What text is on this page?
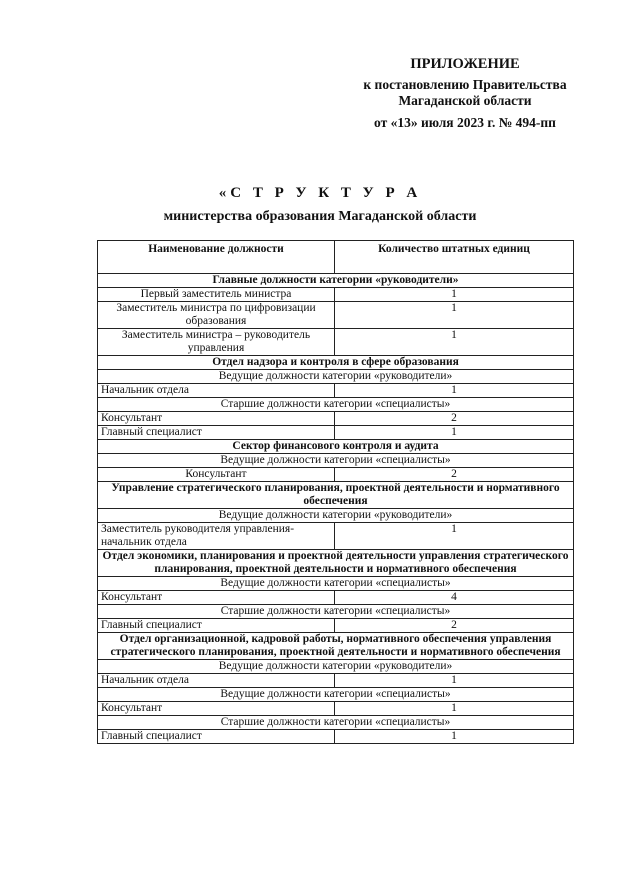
ПРИЛОЖЕНИЕ
к постановлению Правительства
Магаданской области
от «13» июля 2023 г. № 494-пп
«С Т Р У К Т У Р А
министерства образования Магаданской области
Наименование должности	Количество штатных единиц
Главные должности категории «руководители»	
Первый заместитель министра	1
Заместитель министра по цифровизации образования	1
Заместитель министра – руководитель управления	1
Отдел надзора и контроля в сфере образования	
Ведущие должности категории «руководители»	
Начальник отдела	1
Старшие должности категории «специалисты»	
Консультант	2
Главный специалист	1
Сектор финансового контроля и аудита	
Ведущие должности категории «специалисты»	
Консультант	2
Управление стратегического планирования, проектной деятельности и нормативного обеспечения	
Ведущие должности категории «руководители»	
Заместитель руководителя управления-начальник отдела	1
Отдел экономики, планирования и проектной деятельности управления стратегического планирования, проектной деятельности и нормативного обеспечения	
Ведущие должности категории «специалисты»	
Консультант	4
Старшие должности категории «специалисты»	
Главный специалист	2
Отдел организационной, кадровой работы, нормативного обеспечения управления стратегического планирования, проектной деятельности и нормативного обеспечения	
Ведущие должности категории «руководители»	
Начальник отдела	1
Ведущие должности категории «специалисты»	
Консультант	1
Старшие должности категории «специалисты»	
Главный специалист	1
